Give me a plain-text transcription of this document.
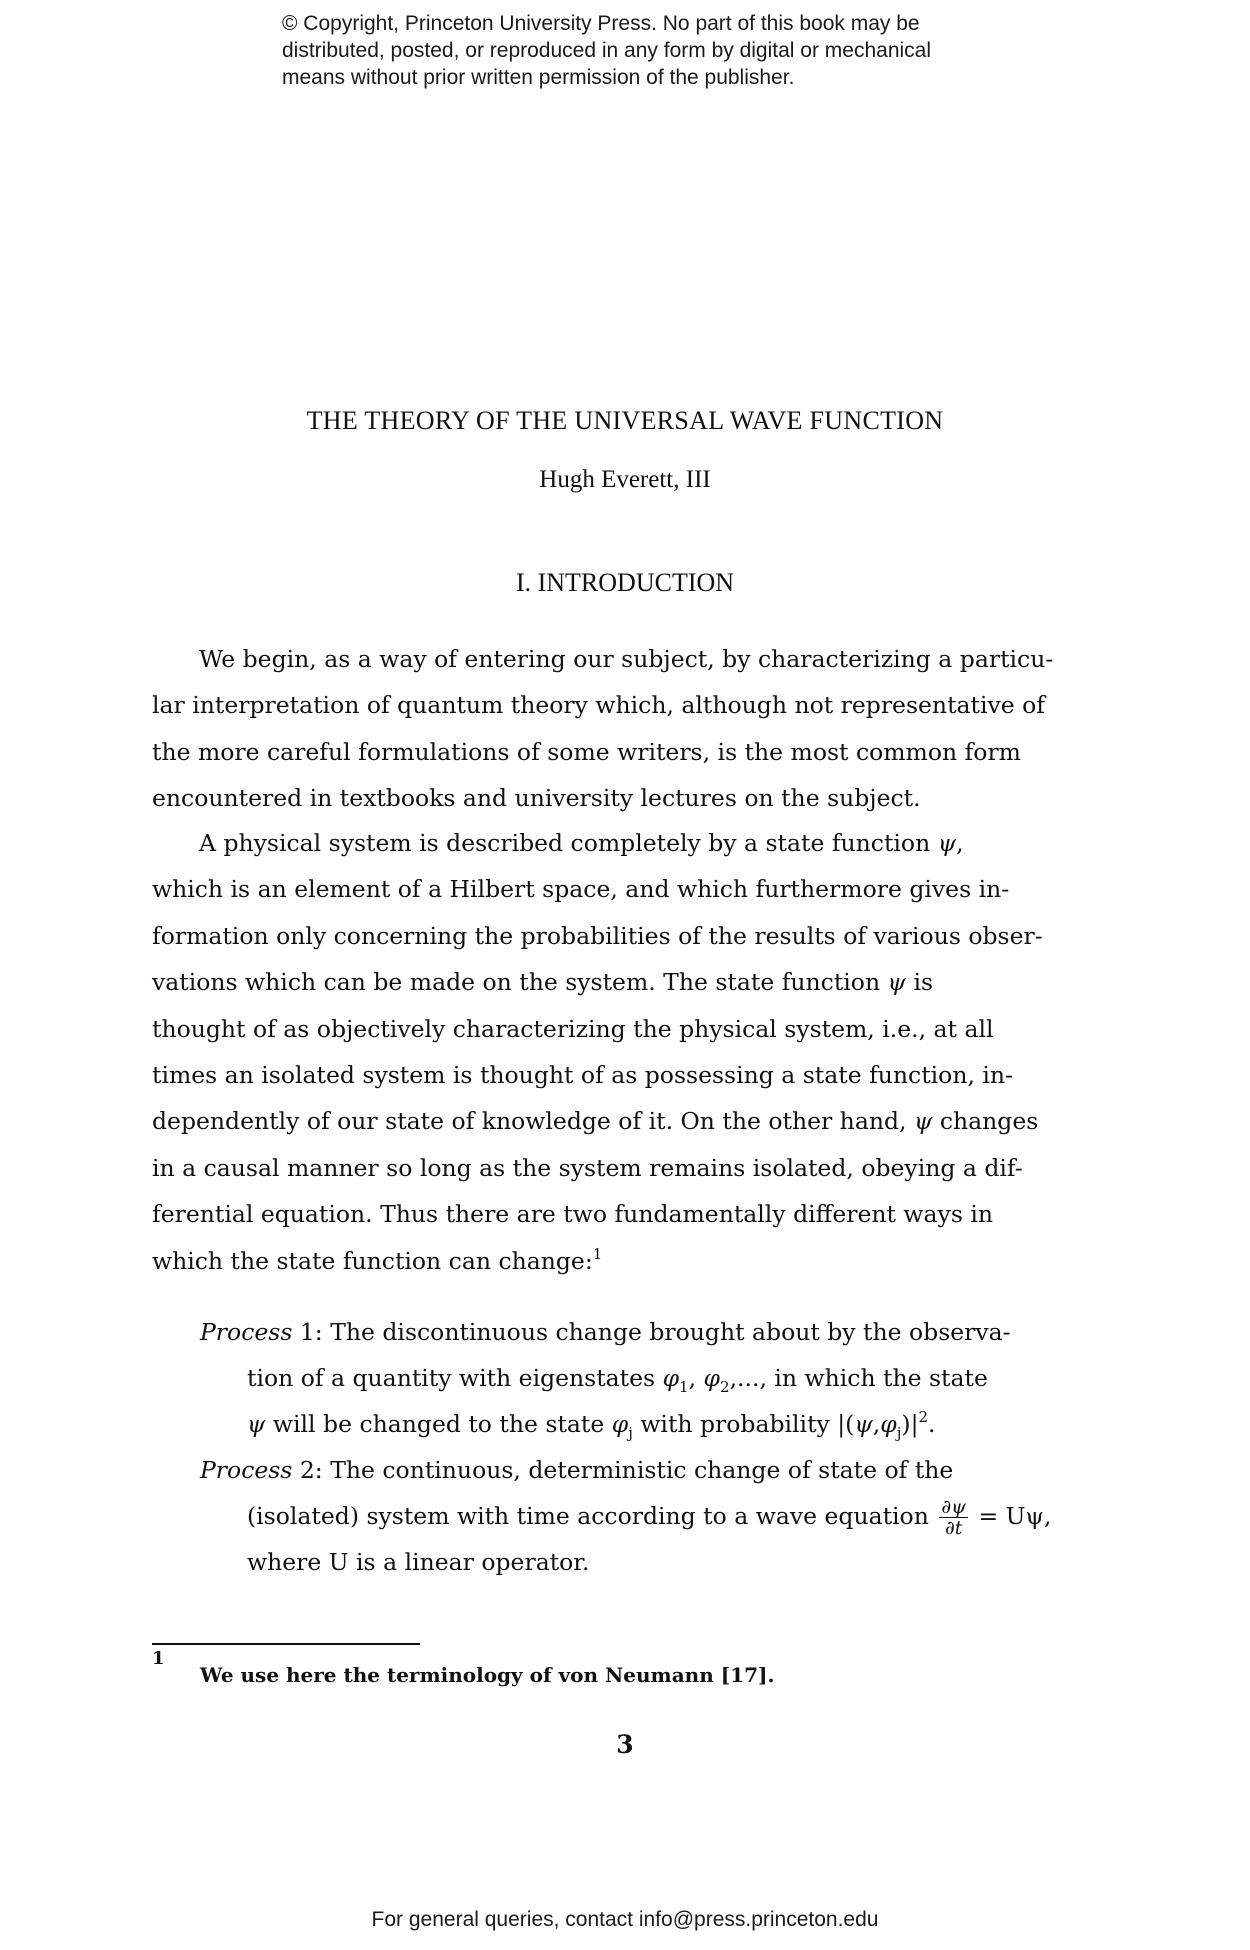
© Copyright, Princeton University Press. No part of this book may be
distributed, posted, or reproduced in any form by digital or mechanical
means without prior written permission of the publisher.
THE THEORY OF THE UNIVERSAL WAVE FUNCTION
Hugh Everett, III
I. INTRODUCTION
We begin, as a way of entering our subject, by characterizing a particu-
lar interpretation of quantum theory which, although not representative of
the more careful formulations of some writers, is the most common form
encountered in textbooks and university lectures on the subject.
A physical system is described completely by a state function ψ,
which is an element of a Hilbert space, and which furthermore gives in-
formation only concerning the probabilities of the results of various obser-
vations which can be made on the system. The state function ψ is
thought of as objectively characterizing the physical system, i.e., at all
times an isolated system is thought of as possessing a state function, in-
dependently of our state of knowledge of it. On the other hand, ψ changes
in a causal manner so long as the system remains isolated, obeying a dif-
ferential equation. Thus there are two fundamentally different ways in
which the state function can change:$^1$
Process 1: The discontinuous change brought about by the observa-
tion of a quantity with eigenstates $\varphi_1$, $\varphi_2$,..., in which the state
ψ will be changed to the state $\varphi_j$ with probability $|(\psi,\varphi_j)|^2$.
Process 2: The continuous, deterministic change of state of the
(isolated) system with time according to a wave equation $\frac{\partial\psi}{\partial t} = U\psi$,
where U is a linear operator.
1
We use here the terminology of von Neumann [17].
3
For general queries, contact info@press.princeton.edu
